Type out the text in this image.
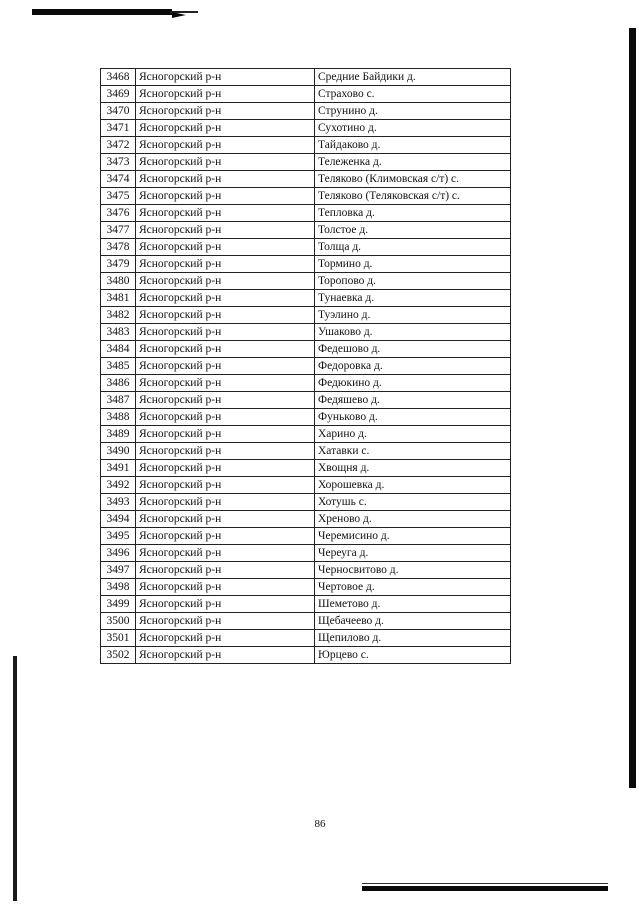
3468	Ясногорский р-н	Средние Байдики д.
3469	Ясногорский р-н	Страхово с.
3470	Ясногорский р-н	Струнино д.
3471	Ясногорский р-н	Сухотино д.
3472	Ясногорский р-н	Тайдаково д.
3473	Ясногорский р-н	Тележенка д.
3474	Ясногорский р-н	Теляково (Климовская с/т) с.
3475	Ясногорский р-н	Теляково (Теляковская с/т) с.
3476	Ясногорский р-н	Тепловка д.
3477	Ясногорский р-н	Толстое д.
3478	Ясногорский р-н	Толща д.
3479	Ясногорский р-н	Тормино д.
3480	Ясногорский р-н	Торопово д.
3481	Ясногорский р-н	Тунаевка д.
3482	Ясногорский р-н	Туэлино д.
3483	Ясногорский р-н	Ушаково д.
3484	Ясногорский р-н	Федешово д.
3485	Ясногорский р-н	Федоровка д.
3486	Ясногорский р-н	Федюкино д.
3487	Ясногорский р-н	Федяшево д.
3488	Ясногорский р-н	Фуньково д.
3489	Ясногорский р-н	Харино д.
3490	Ясногорский р-н	Хатавки с.
3491	Ясногорский р-н	Хвощня д.
3492	Ясногорский р-н	Хорошевка д.
3493	Ясногорский р-н	Хотушь с.
3494	Ясногорский р-н	Хреново д.
3495	Ясногорский р-н	Черемисино д.
3496	Ясногорский р-н	Череуга д.
3497	Ясногорский р-н	Черносвитово д.
3498	Ясногорский р-н	Чертовое д.
3499	Ясногорский р-н	Шеметово д.
3500	Ясногорский р-н	Щебачеево д.
3501	Ясногорский р-н	Щепилово д.
3502	Ясногорский р-н	Юрцево с.
86
